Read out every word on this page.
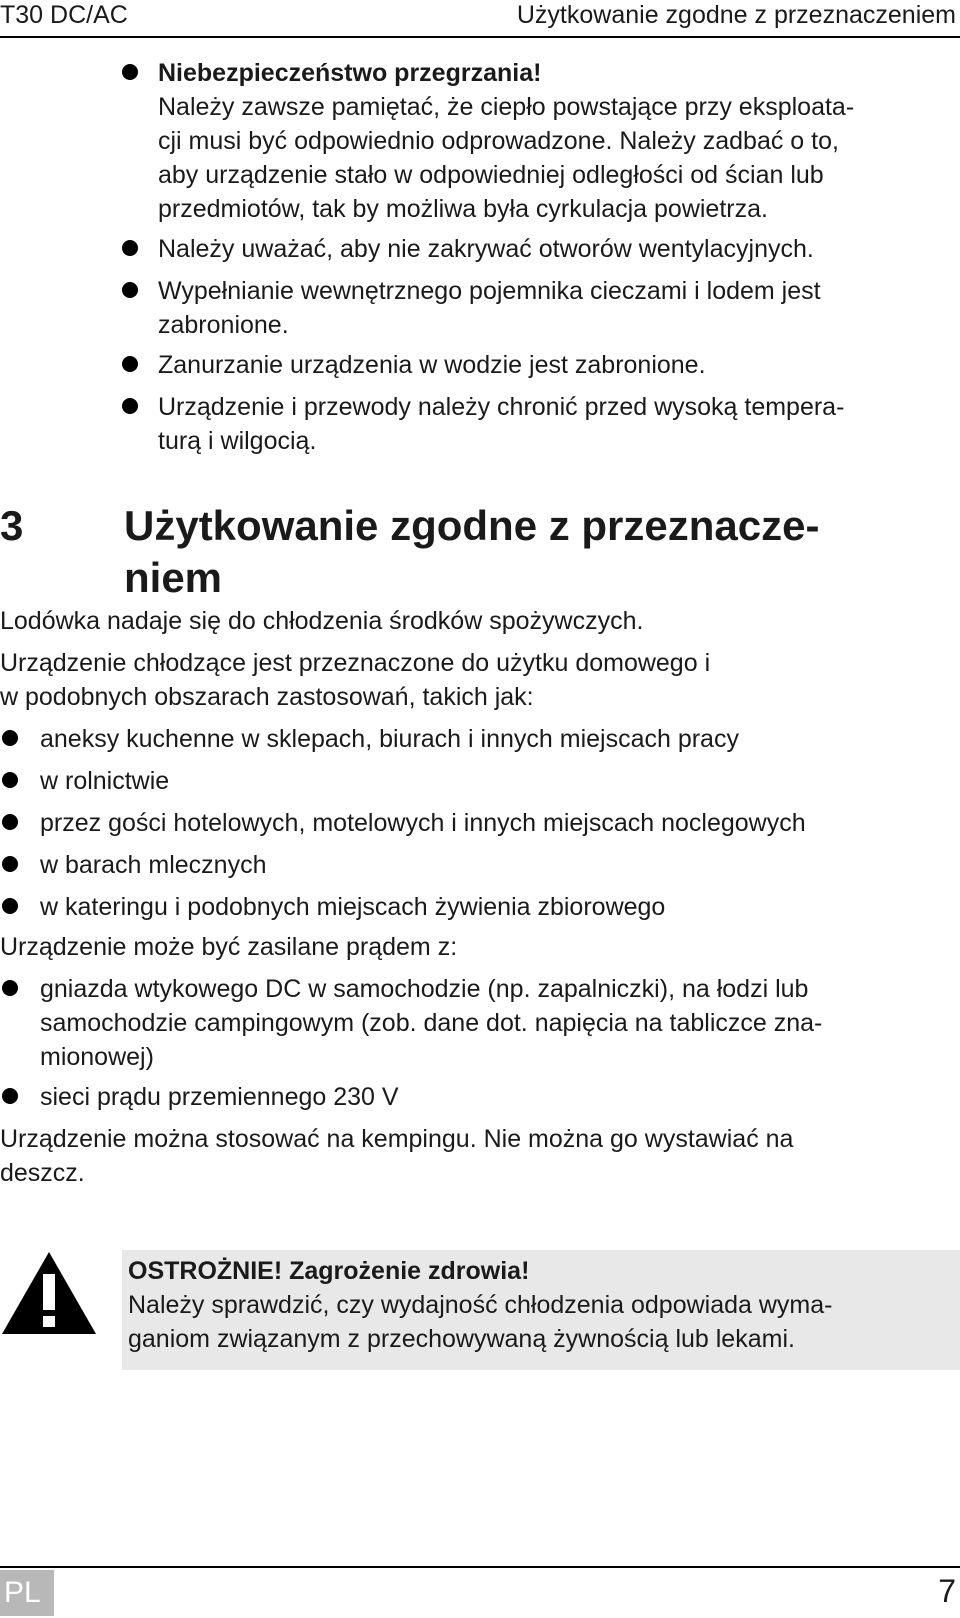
T30 DC/AC	Użytkowanie zgodne z przeznaczeniem
Niebezpieczeństwo przegrzania!
Należy zawsze pamiętać, że ciepło powstające przy eksploata-
cji musi być odpowiednio odprowadzone. Należy zadbać o to,
aby urządzenie stało w odpowiedniej odległości od ścian lub
przedmiotów, tak by możliwa była cyrkulacja powietrza.
Należy uważać, aby nie zakrywać otworów wentylacyjnych.
Wypełnianie wewnętrznego pojemnika cieczami i lodem jest
zabronione.
Zanurzanie urządzenia w wodzie jest zabronione.
Urządzenie i przewody należy chronić przed wysoką tempera-
turą i wilgocią.
3 Użytkowanie zgodne z przeznacze-
niem
Lodówka nadaje się do chłodzenia środków spożywczych.
Urządzenie chłodzące jest przeznaczone do użytku domowego i
w podobnych obszarach zastosowań, takich jak:
aneksy kuchenne w sklepach, biurach i innych miejscach pracy
w rolnictwie
przez gości hotelowych, motelowych i innych miejscach noclegowych
w barach mlecznych
w kateringu i podobnych miejscach żywienia zbiorowego
Urządzenie może być zasilane prądem z:
gniazda wtykowego DC w samochodzie (np. zapalniczki), na łodzi lub
samochodzie campingowym (zob. dane dot. napięcia na tabliczce zna-
mionowej)
sieci prądu przemiennego 230 V
Urządzenie można stosować na kempingu. Nie można go wystawiać na
deszcz.
OSTROŻNIE! Zagrożenie zdrowia!
Należy sprawdzić, czy wydajność chłodzenia odpowiada wyma-
ganiom związanym z przechowywaną żywnością lub lekami.
PL	7
